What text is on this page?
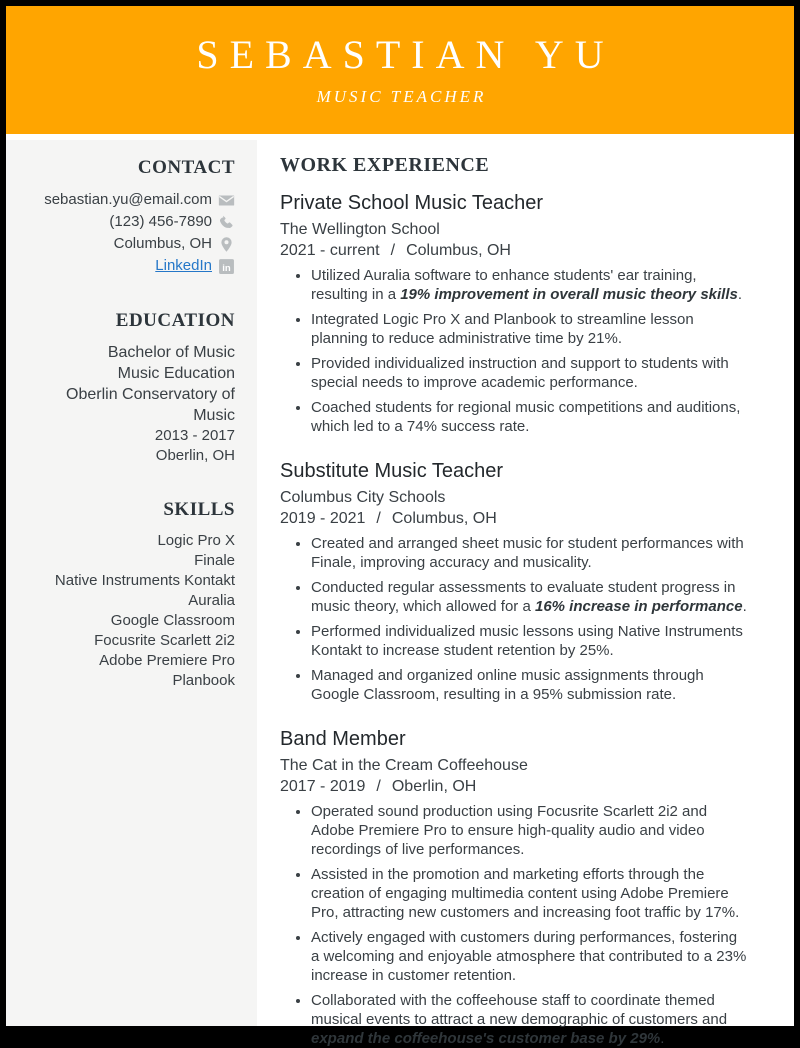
SEBASTIAN YU
MUSIC TEACHER
CONTACT
sebastian.yu@email.com
(123) 456-7890
Columbus, OH
LinkedIn in
EDUCATION
Bachelor of Music
Music Education
Oberlin Conservatory of Music
2013 - 2017
Oberlin, OH
SKILLS
Logic Pro X
Finale
Native Instruments Kontakt
Auralia
Google Classroom
Focusrite Scarlett 2i2
Adobe Premiere Pro
Planbook
WORK EXPERIENCE
Private School Music Teacher
The Wellington School
2021 - current / Columbus, OH
• Utilized Auralia software to enhance students' ear training, resulting in a 19% improvement in overall music theory skills.
• Integrated Logic Pro X and Planbook to streamline lesson planning to reduce administrative time by 21%.
• Provided individualized instruction and support to students with special needs to improve academic performance.
• Coached students for regional music competitions and auditions, which led to a 74% success rate.
Substitute Music Teacher
Columbus City Schools
2019 - 2021 / Columbus, OH
• Created and arranged sheet music for student performances with Finale, improving accuracy and musicality.
• Conducted regular assessments to evaluate student progress in music theory, which allowed for a 16% increase in performance.
• Performed individualized music lessons using Native Instruments Kontakt to increase student retention by 25%.
• Managed and organized online music assignments through Google Classroom, resulting in a 95% submission rate.
Band Member
The Cat in the Cream Coffeehouse
2017 - 2019 / Oberlin, OH
• Operated sound production using Focusrite Scarlett 2i2 and Adobe Premiere Pro to ensure high-quality audio and video recordings of live performances.
• Assisted in the promotion and marketing efforts through the creation of engaging multimedia content using Adobe Premiere Pro, attracting new customers and increasing foot traffic by 17%.
• Actively engaged with customers during performances, fostering a welcoming and enjoyable atmosphere that contributed to a 23% increase in customer retention.
• Collaborated with the coffeehouse staff to coordinate themed musical events to attract a new demographic of customers and expand the coffeehouse's customer base by 29%.
